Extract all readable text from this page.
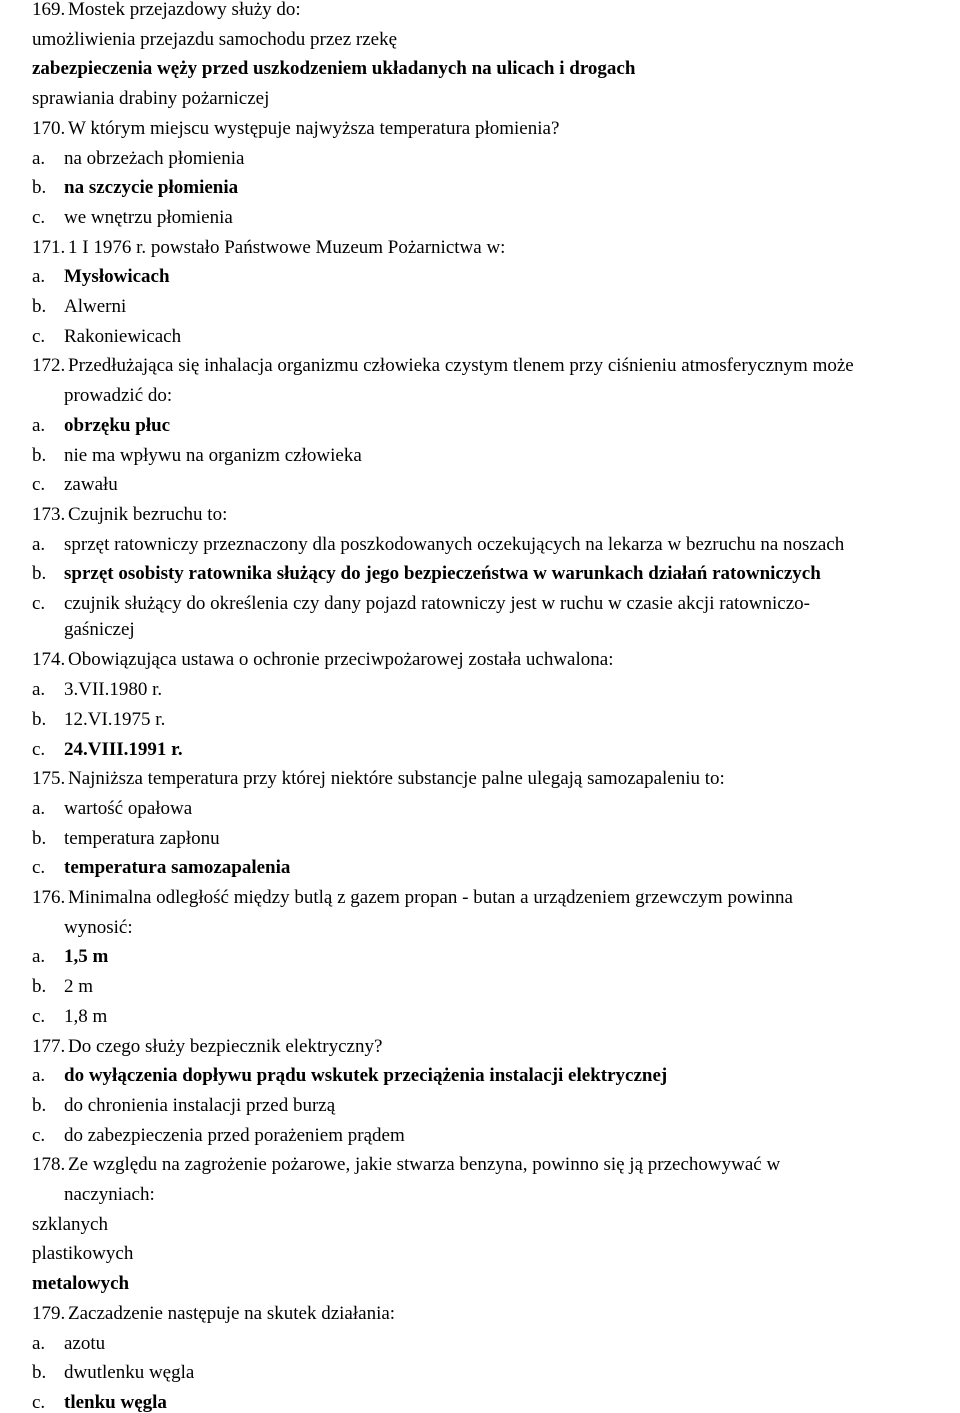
169. Mostek przejazdowy służy do:
umożliwienia przejazdu samochodu przez rzekę
zabezpieczenia węży przed uszkodzeniem układanych na ulicach i drogach
sprawiania drabiny pożarniczej
170. W którym miejscu występuje najwyższa temperatura płomienia?
a. na obrzeżach płomienia
b. na szczycie płomienia
c. we wnętrzu płomienia
171. 1 I 1976 r. powstało Państwowe Muzeum Pożarnictwa w:
a. Mysłowicach
b. Alwerni
c. Rakoniewicach
172. Przedłużająca się inhalacja organizmu człowieka czystym tlenem przy ciśnieniu atmosferycznym może
prowadzić do:
a. obrzęku płuc
b. nie ma wpływu na organizm człowieka
c. zawału
173. Czujnik bezruchu to:
a. sprzęt ratowniczy przeznaczony dla poszkodowanych oczekujących na lekarza w bezruchu na noszach
b. sprzęt osobisty ratownika służący do jego bezpieczeństwa w warunkach działań ratowniczych
c. czujnik służący do określenia czy dany pojazd ratowniczy jest w ruchu w czasie akcji ratowniczo-
gaśniczej
174. Obowiązująca ustawa o ochronie przeciwpożarowej została uchwalona:
a. 3.VII.1980 r.
b. 12.VI.1975 r.
c. 24.VIII.1991 r.
175. Najniższa temperatura przy której niektóre substancje palne ulegają samozapaleniu to:
a. wartość opałowa
b. temperatura zapłonu
c. temperatura samozapalenia
176. Minimalna odległość między butlą z gazem propan - butan a urządzeniem grzewczym powinna
wynosić:
a. 1,5 m
b. 2 m
c. 1,8 m
177. Do czego służy bezpiecznik elektryczny?
a. do wyłączenia dopływu prądu wskutek przeciążenia instalacji elektrycznej
b. do chronienia instalacji przed burzą
c. do zabezpieczenia przed porażeniem prądem
178. Ze względu na zagrożenie pożarowe, jakie stwarza benzyna, powinno się ją przechowywać w
naczyniach:
szklanych
plastikowych
metalowych
179. Zaczadzenie następuje na skutek działania:
a. azotu
b. dwutlenku węgla
c. tlenku węgla
